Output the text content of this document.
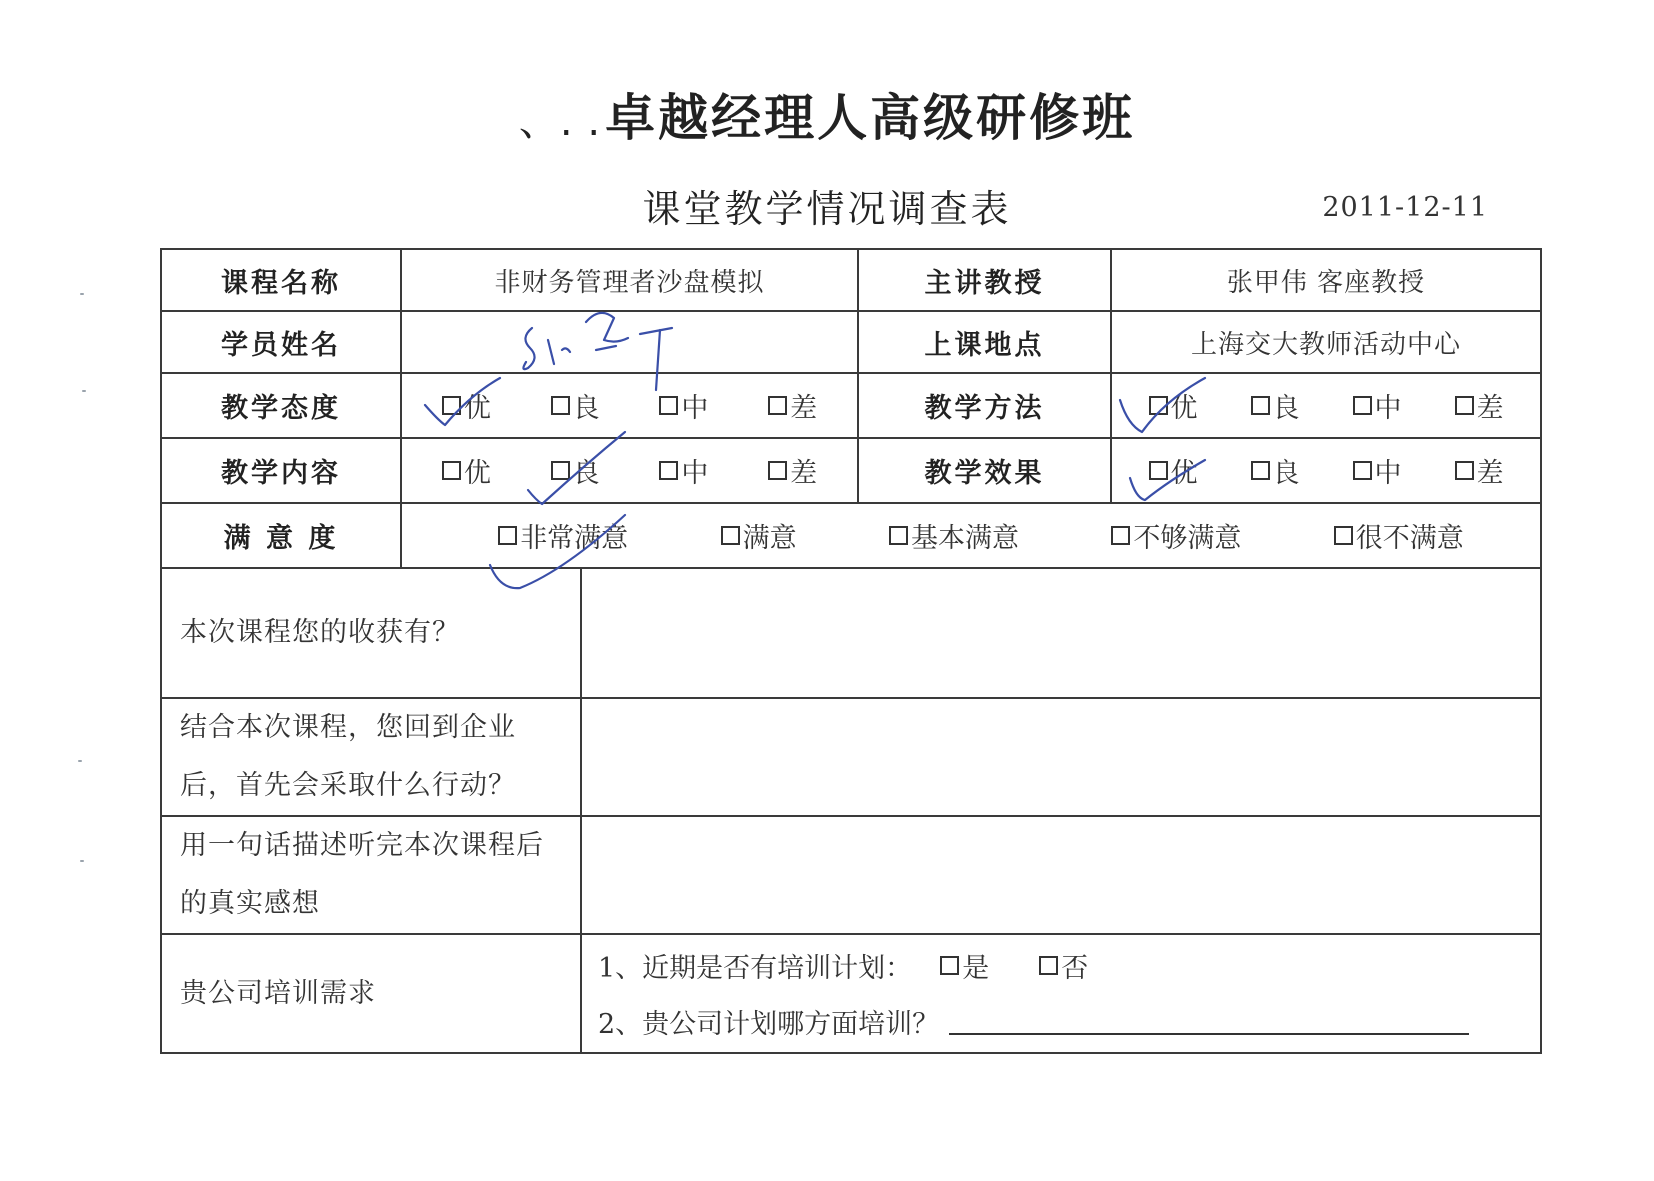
、. .卓越经理人高级研修班
课堂教学情况调查表	2011-12-11
课程名称	非财务管理者沙盘模拟		主讲教授	张甲伟 客座教授
学员姓名			上课地点	上海交大教师活动中心
教学态度	优 良 中 差		教学方法	优 良 中 差

教学内容	优 良 中 差		教学效果	优 良 中 差

满 意 度	非常满意 满意 基本满意 不够满意 很不满意			

本次课程您的收获有？				
结合本次课程，您回到企业后，首先会采取什么行动？				
用一句话描述听完本次课程后的真实感想				
贵公司培训需求		1、近期是否有培训计划： 是 否
2、贵公司计划哪方面培训？		
